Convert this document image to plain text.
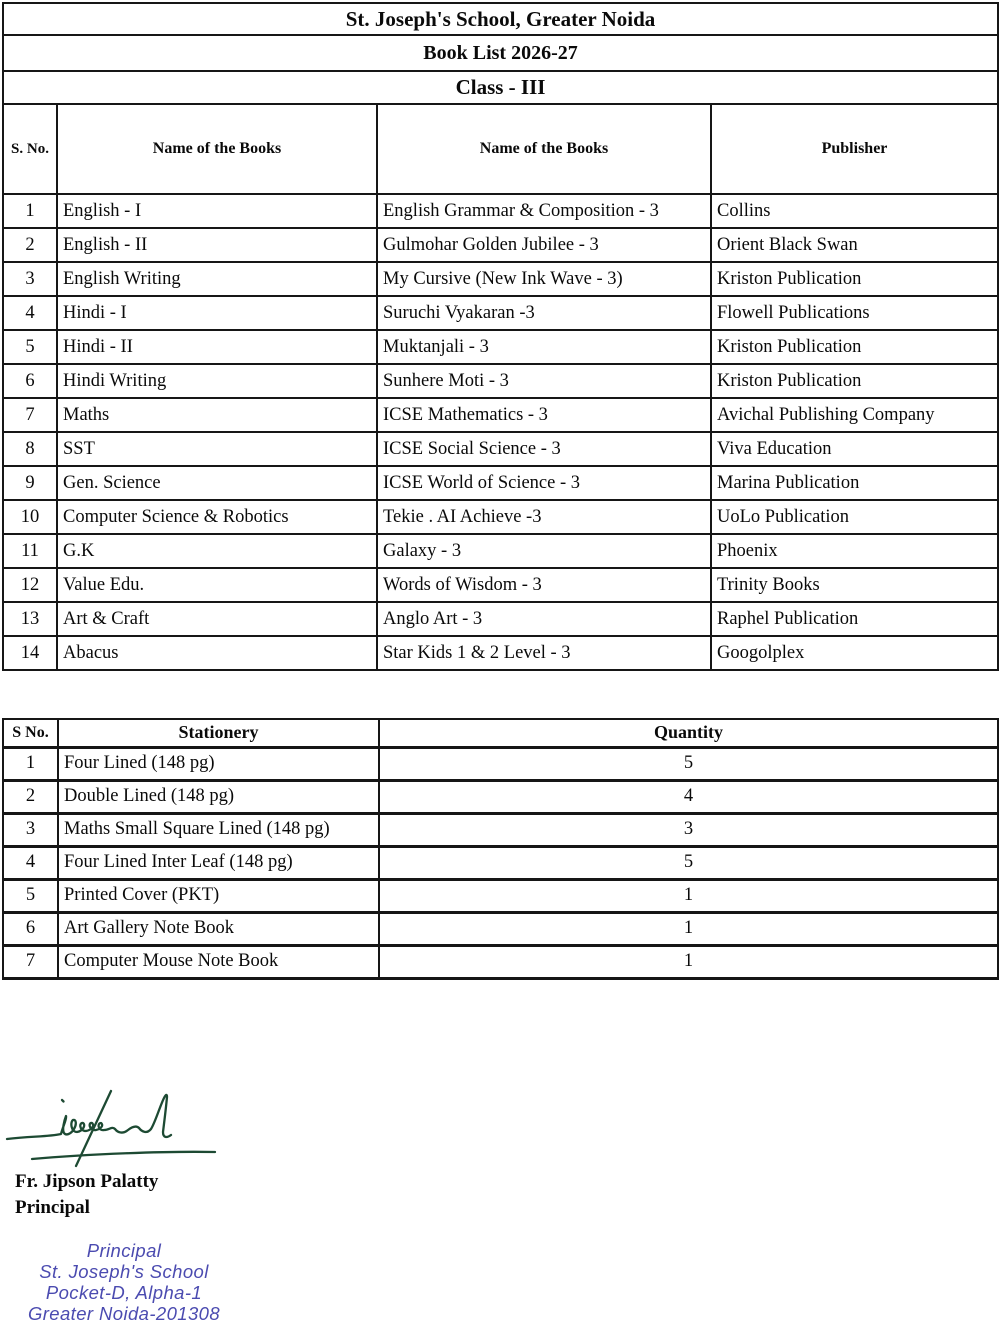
St. Joseph's School, Greater Noida			
Book List 2026-27			
Class - III			
S. No.	Name of the Books	Name of the Books	Publisher
1	English - I	English Grammar & Composition - 3	Collins
2	English - II	Gulmohar Golden Jubilee - 3	Orient Black Swan
3	English Writing	My Cursive (New Ink Wave - 3)	Kriston Publication
4	Hindi - I	Suruchi Vyakaran -3	Flowell Publications
5	Hindi - II	Muktanjali - 3	Kriston Publication
6	Hindi Writing	Sunhere Moti - 3	Kriston Publication
7	Maths	ICSE Mathematics - 3	Avichal Publishing Company
8	SST	ICSE Social Science - 3	Viva Education
9	Gen. Science	ICSE World of Science - 3	Marina Publication
10	Computer Science & Robotics	Tekie . AI Achieve -3	UoLo Publication
11	G.K	Galaxy - 3	Phoenix
12	Value Edu.	Words of Wisdom - 3	Trinity Books
13	Art & Craft	Anglo Art - 3	Raphel Publication
14	Abacus	Star Kids 1 & 2 Level - 3	Googolplex
S No.	Stationery	Quantity
1	Four Lined (148 pg)	5
2	Double Lined (148 pg)	4
3	Maths Small Square Lined (148 pg)	3
4	Four Lined Inter Leaf (148 pg)	5
5	Printed Cover (PKT)	1
6	Art Gallery Note Book	1
7	Computer Mouse Note Book	1
Fr. Jipson Palatty
Principal
Principal
St. Joseph's School
Pocket-D, Alpha-1
Greater Noida-201308
